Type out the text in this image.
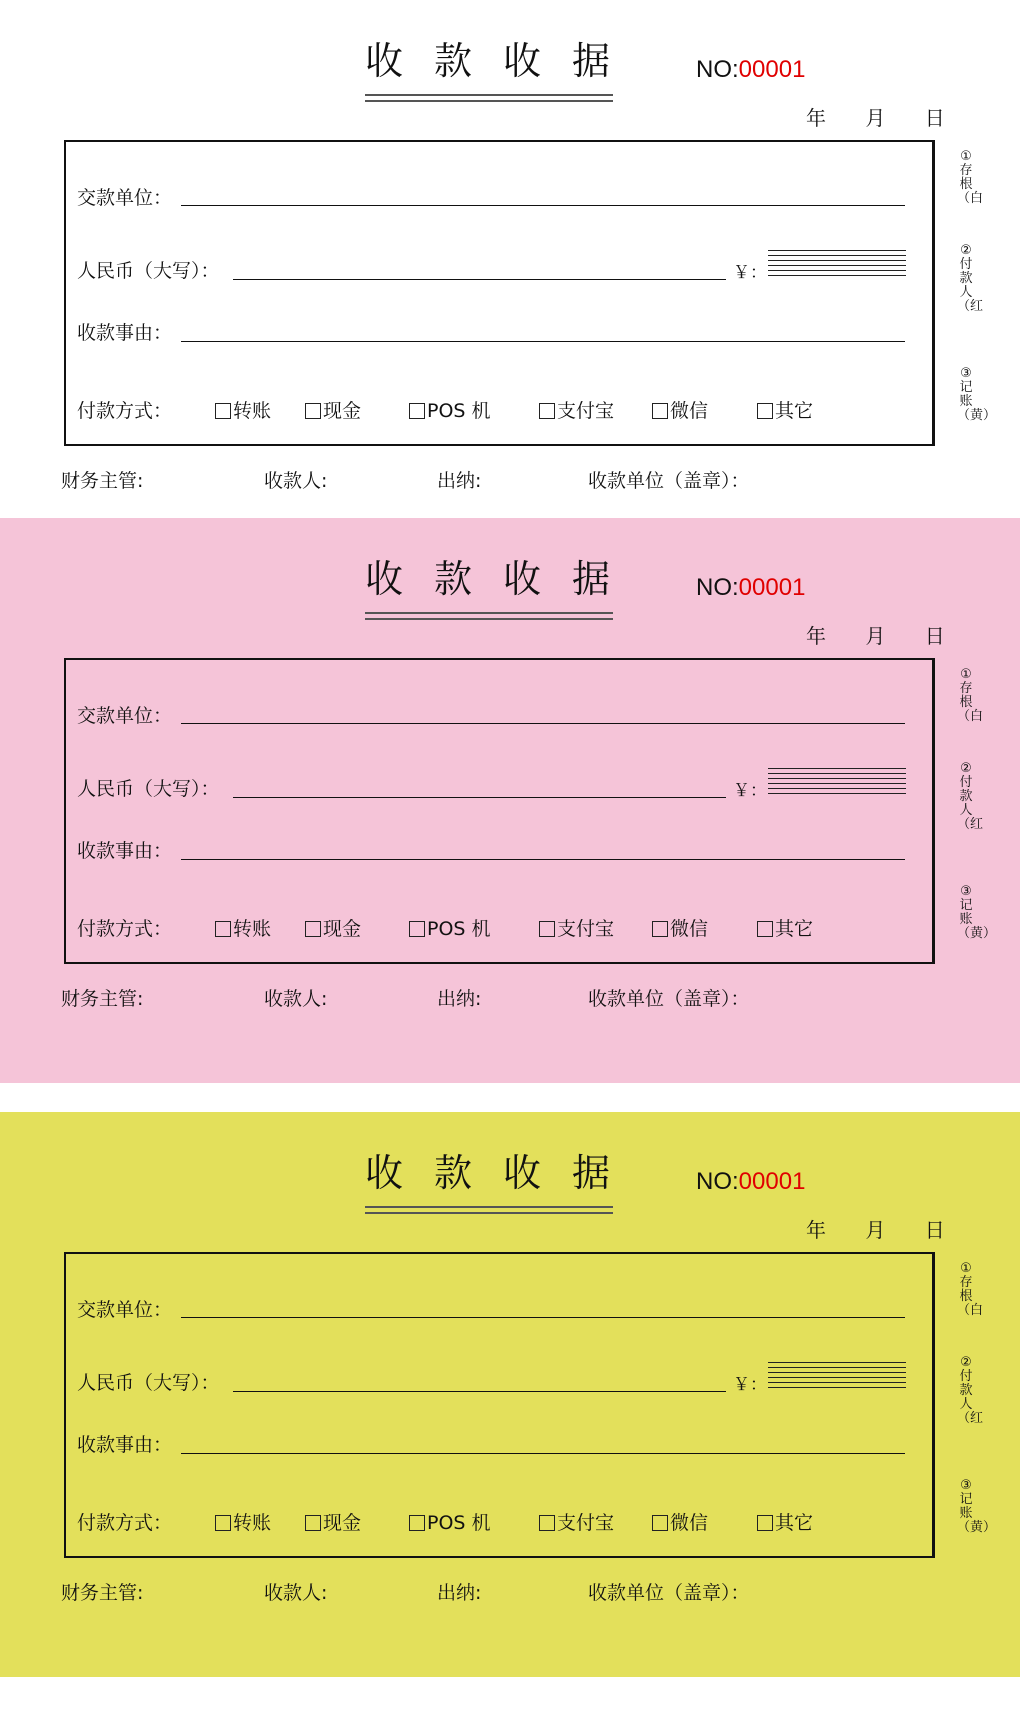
收款收据 NO:00001
年 月 日
交款单位：
人民币（大写）：	￥：
收款事由：
付款方式：	转账	现金	POS 机	支付宝	微信	其它
财务主管:	收款人:	出纳:	收款单位（盖章）：
①存根（白
②付款人（红
③记账（黄）
收款收据 NO:00001
年 月 日
交款单位：
人民币（大写）：	￥：
收款事由：
付款方式：	转账	现金	POS 机	支付宝	微信	其它
财务主管:	收款人:	出纳:	收款单位（盖章）：
①存根（白
②付款人（红
③记账（黄）
收款收据 NO:00001
年 月 日
交款单位：
人民币（大写）：	￥：
收款事由：
付款方式：	转账	现金	POS 机	支付宝	微信	其它
财务主管:	收款人:	出纳:	收款单位（盖章）：
①存根（白
②付款人（红
③记账（黄）
